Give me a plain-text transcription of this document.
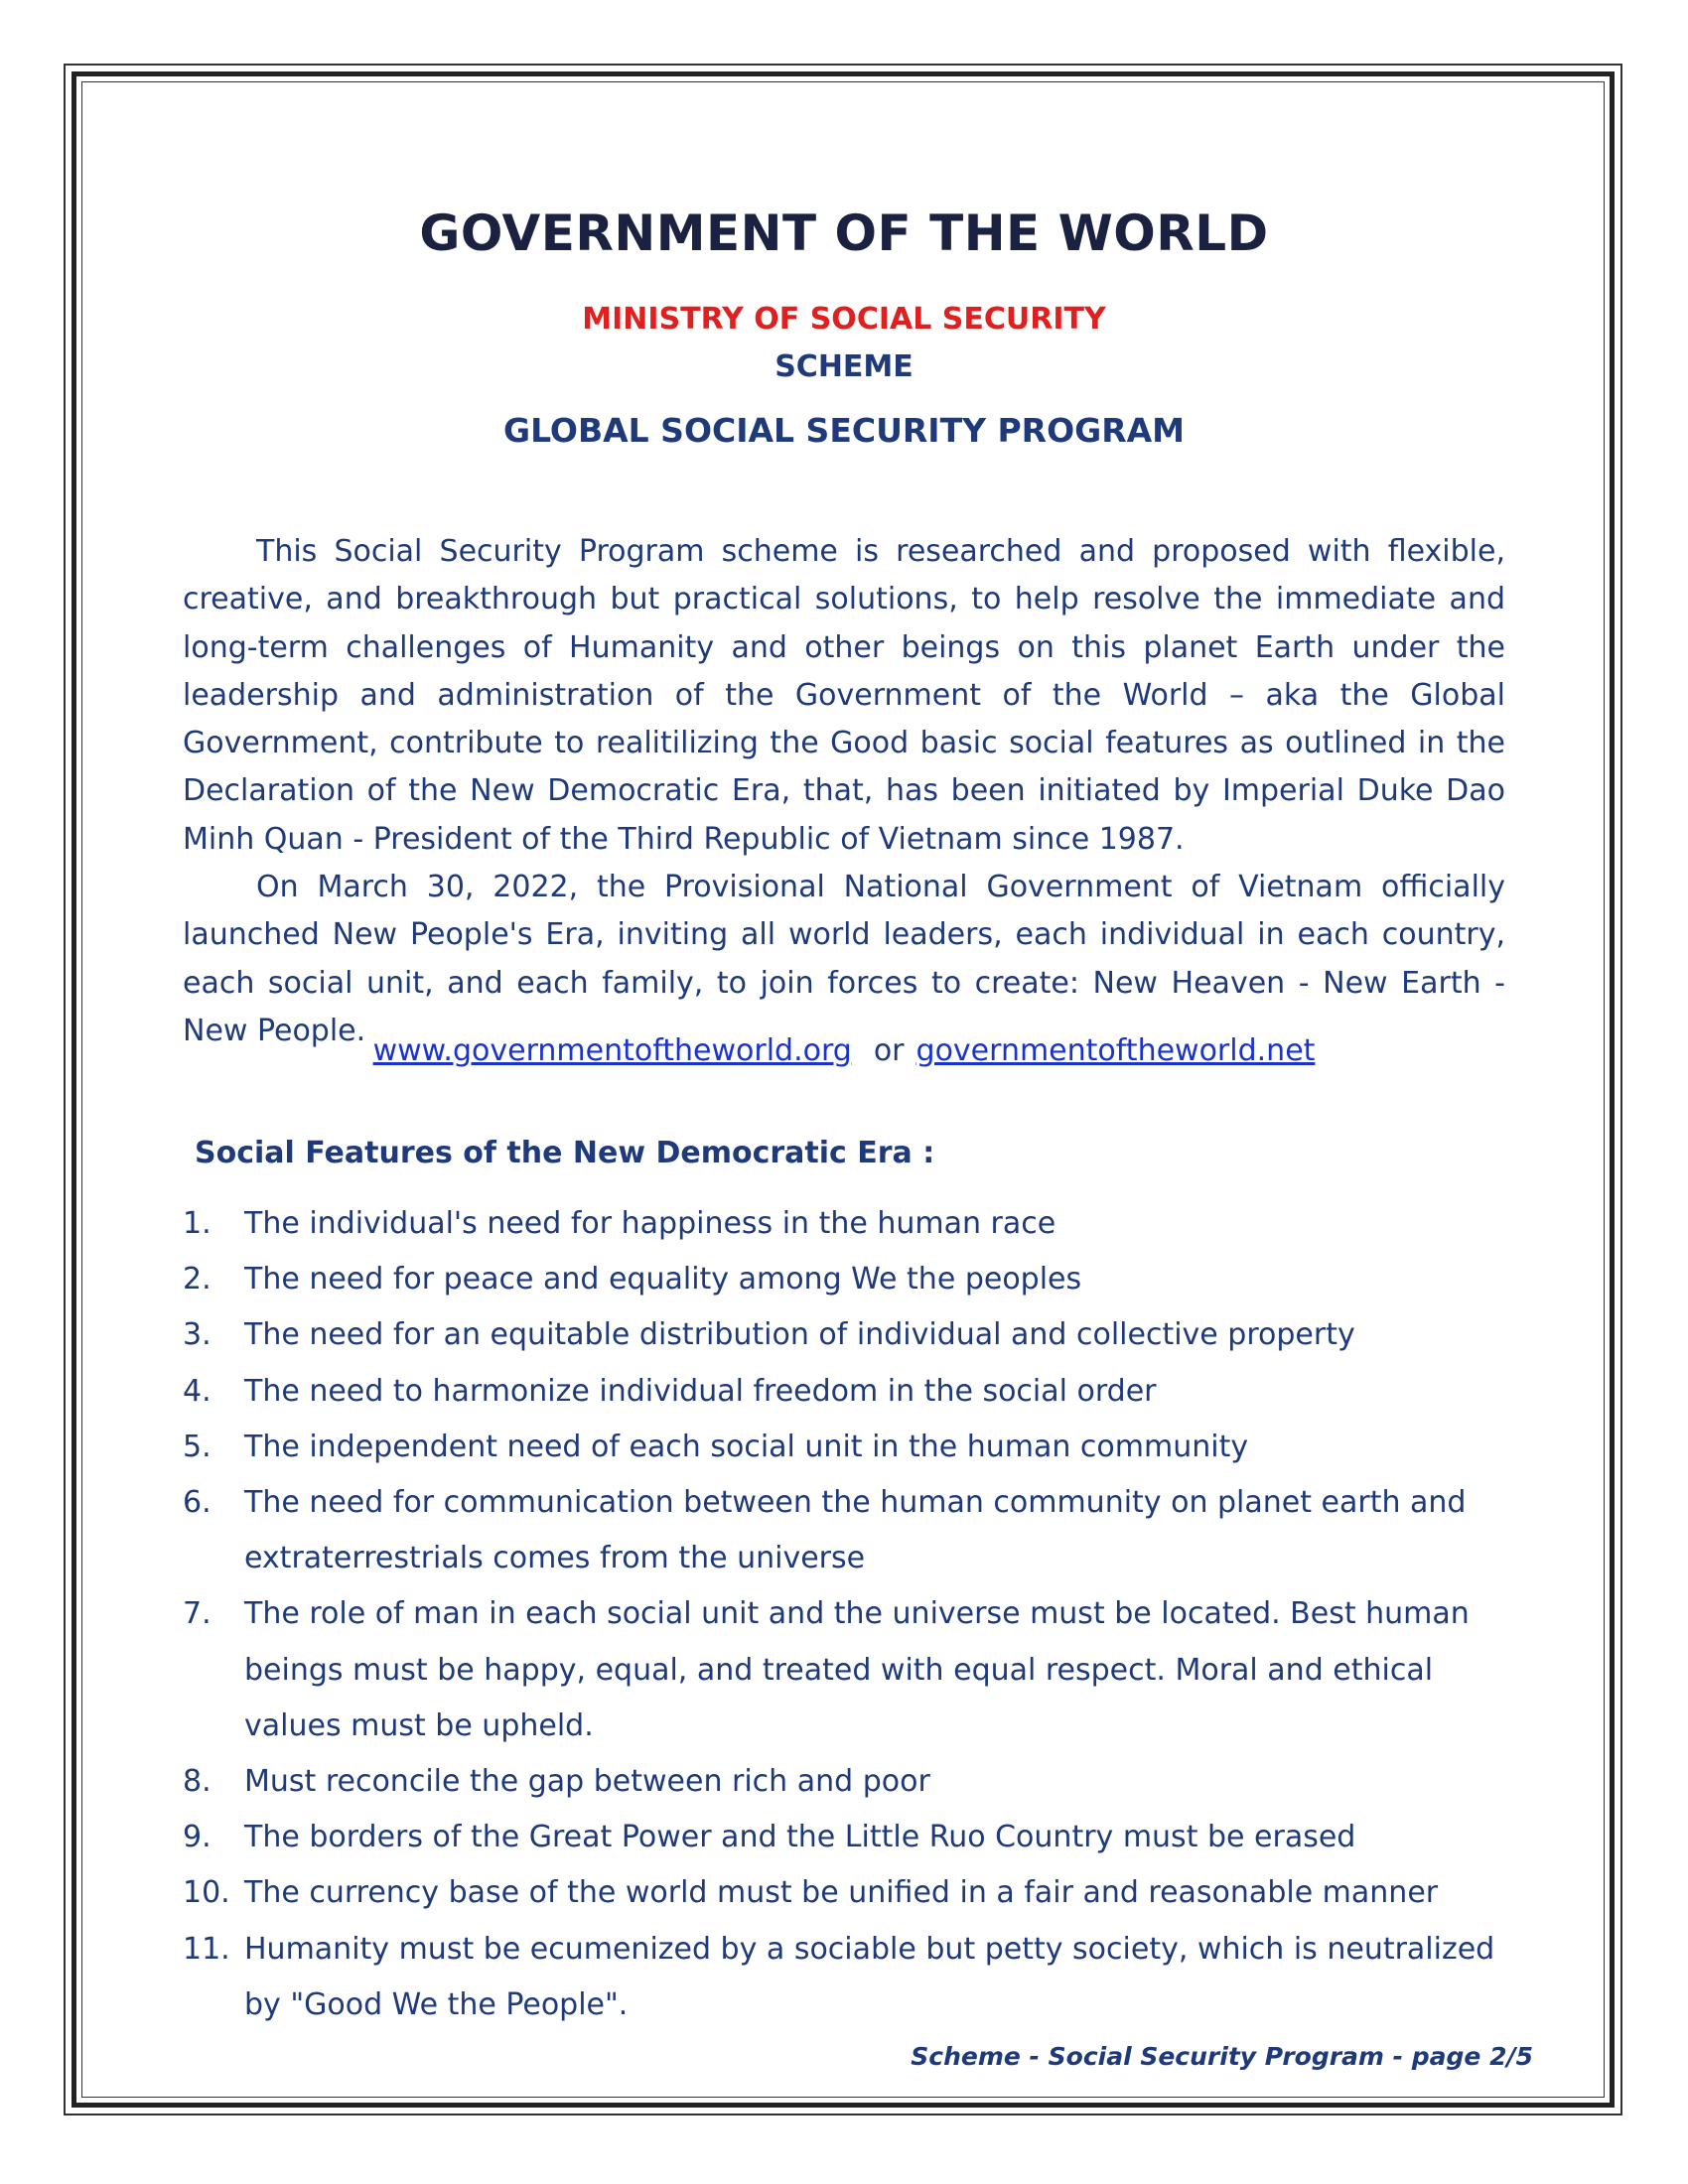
GOVERNMENT OF THE WORLD
MINISTRY OF SOCIAL SECURITY
SCHEME
GLOBAL SOCIAL SECURITY PROGRAM

This Social Security Program scheme is researched and proposed with flexible, creative, and breakthrough but practical solutions, to help resolve the immediate and long-term challenges of Humanity and other beings on this planet Earth under the leadership and administration of the Government of the World – aka the Global Government, contribute to realitilizing the Good basic social features as outlined in the Declaration of the New Democratic Era, that, has been initiated by Imperial Duke Dao Minh Quan - President of the Third Republic of Vietnam since 1987.

On March 30, 2022, the Provisional National Government of Vietnam officially launched New People's Era, inviting all world leaders, each individual in each country, each social unit, and each family, to join forces to create: New Heaven - New Earth - New People.

www.governmentoftheworld.org or governmentoftheworld.net
Social Features of the New Democratic Era :
1. The individual's need for happiness in the human race
2. The need for peace and equality among We the peoples
3. The need for an equitable distribution of individual and collective property
4. The need to harmonize individual freedom in the social order
5. The independent need of each social unit in the human community
6. The need for communication between the human community on planet earth and extraterrestrials comes from the universe
7. The role of man in each social unit and the universe must be located. Best human beings must be happy, equal, and treated with equal respect. Moral and ethical values must be upheld.
8. Must reconcile the gap between rich and poor
9. The borders of the Great Power and the Little Ruo Country must be erased
10. The currency base of the world must be unified in a fair and reasonable manner
11. Humanity must be ecumenized by a sociable but petty society, which is neutralized by "Good We the People".
Scheme - Social Security Program - page 2/5
